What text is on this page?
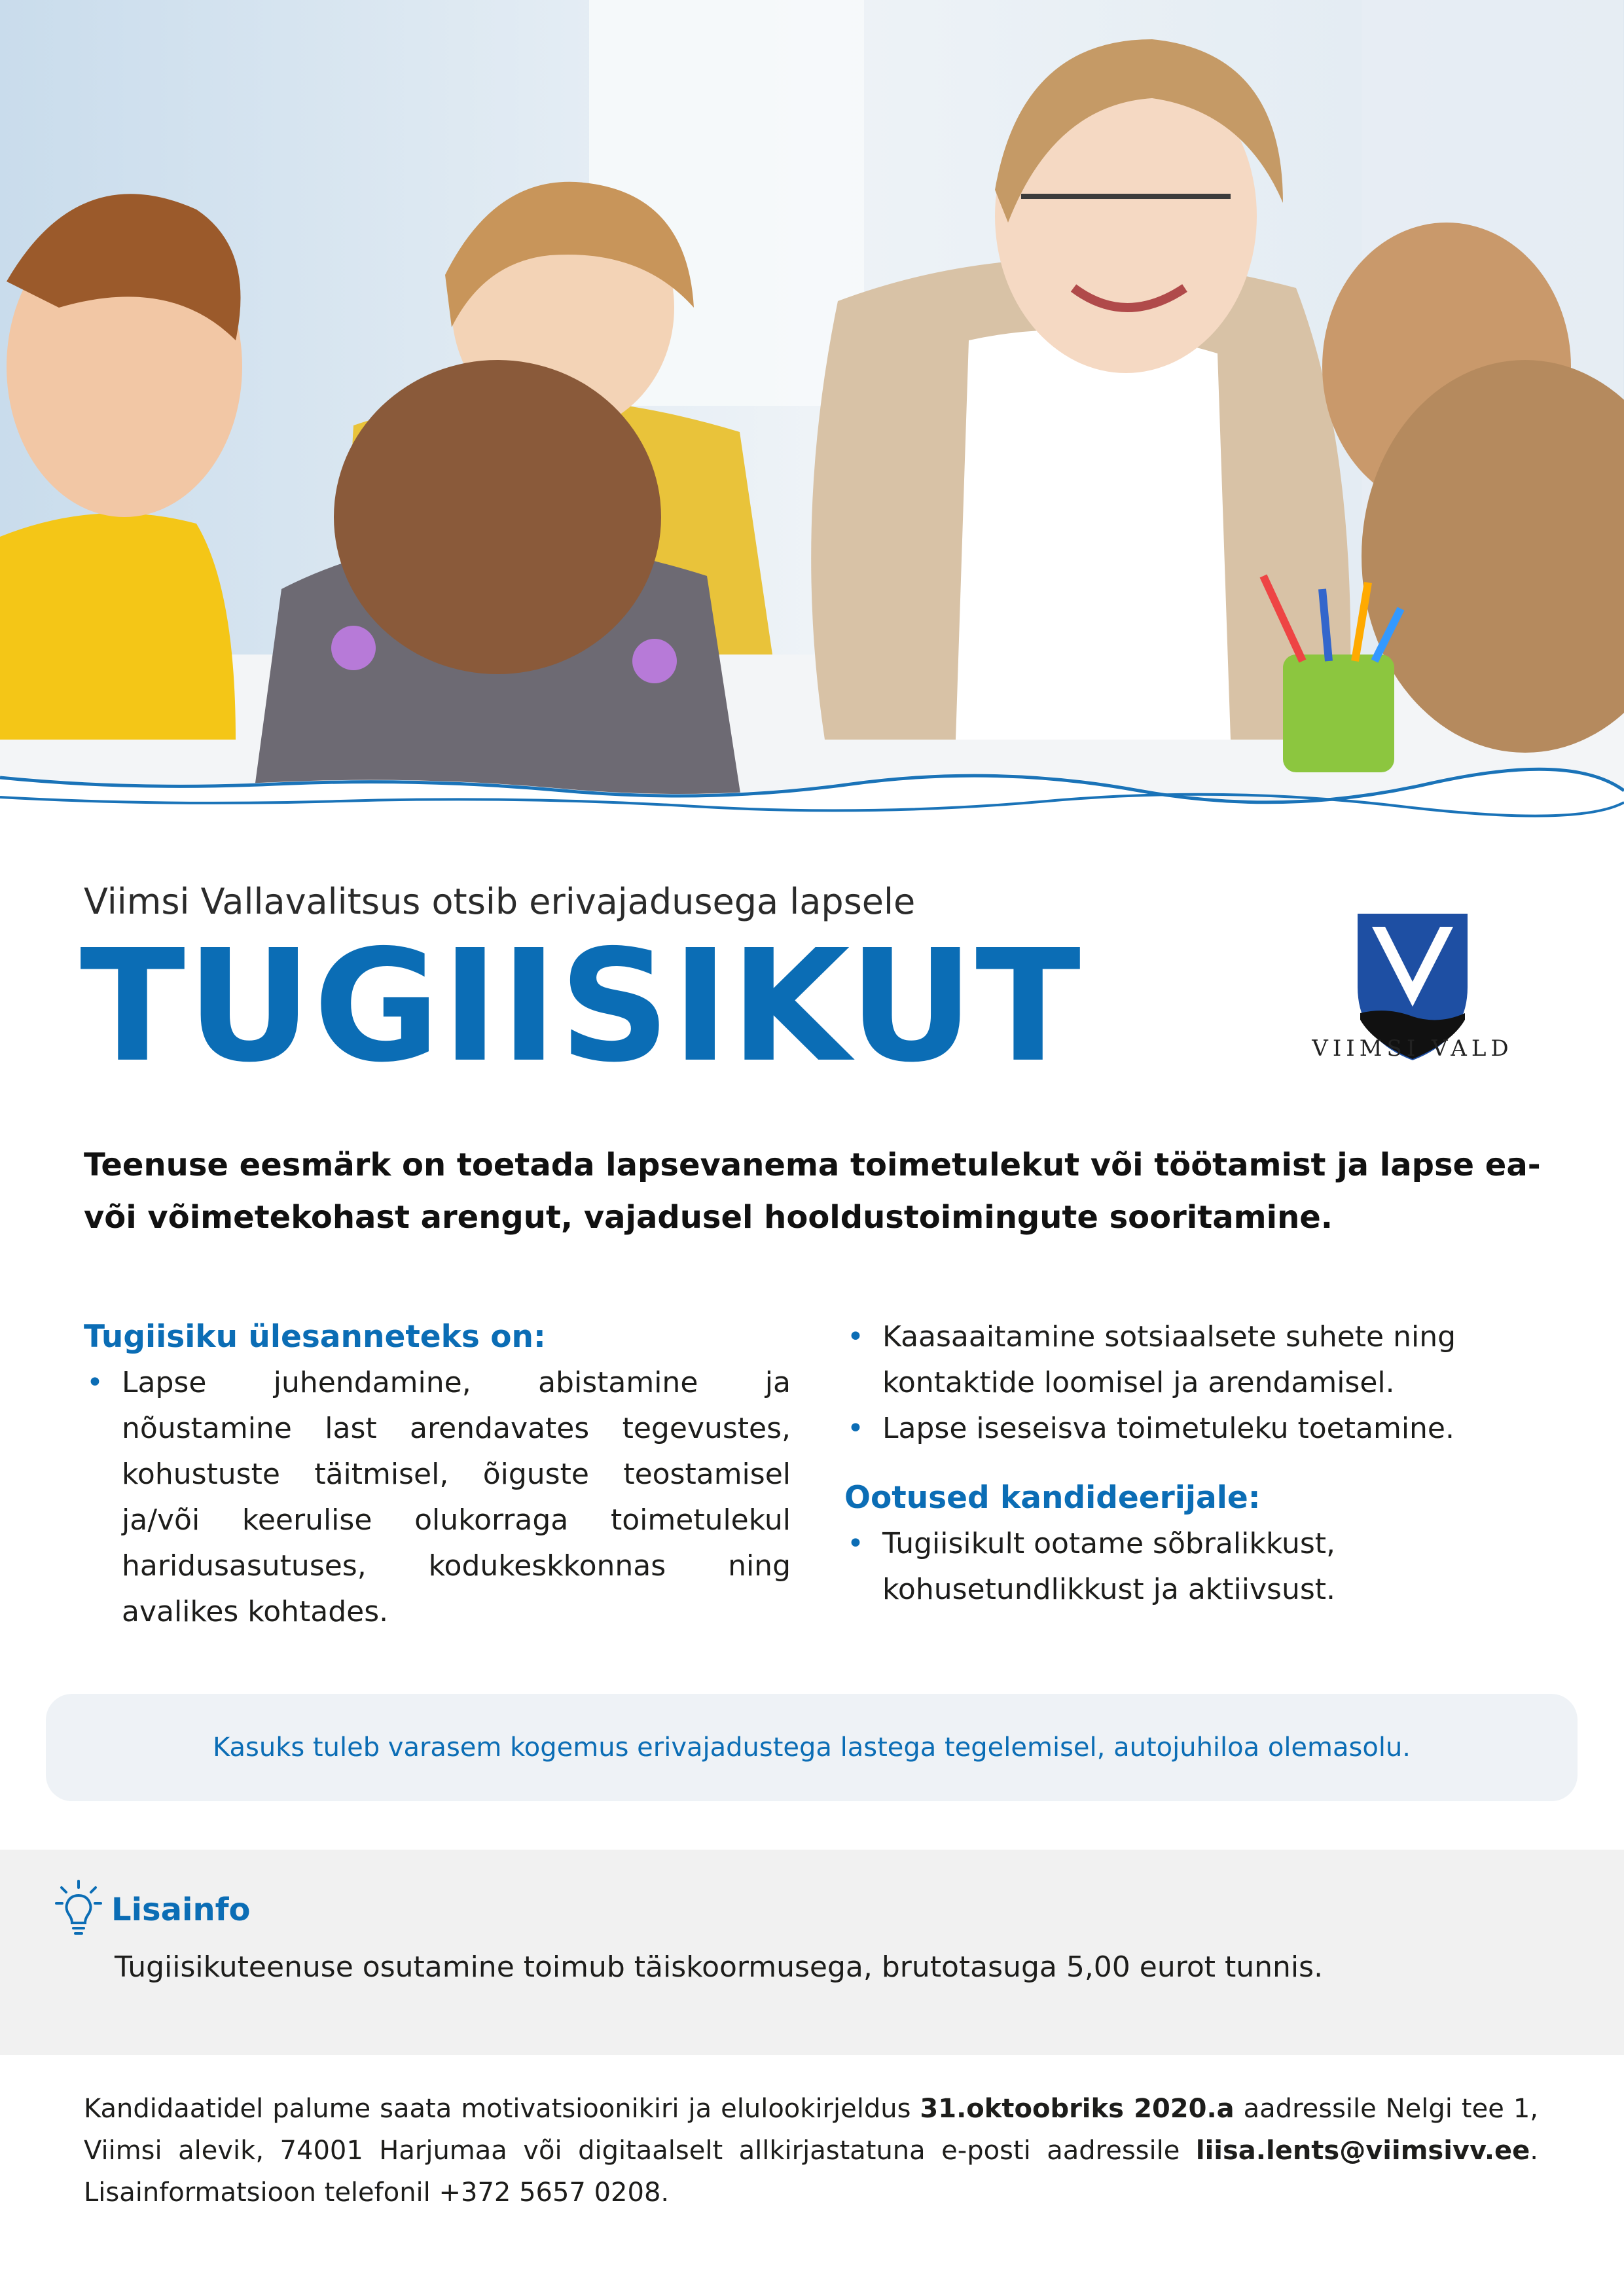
Viimsi Vallavalitsus otsib erivajadusega lapsele
TUGIISIKUT	VIIMSI VALD
Teenuse eesmärk on toetada lapsevanema toimetulekut või töötamist ja lapse ea- või võimetekohast arengut, vajadusel hooldustoimingute sooritamine.
Tugiisiku ülesanneteks on:
• Lapse juhendamine, abistamine ja nõustamine last arendavates tegevustes, kohustuste täitmisel, õiguste teostamisel ja/või keerulise olukorraga toimetulekul haridusasutuses, kodukeskkonnas ning avalikes kohtades.
• Kaasaaitamine sotsiaalsete suhete ning kontaktide loomisel ja arendamisel.
• Lapse iseseisva toimetuleku toetamine.
Ootused kandideerijale:
• Tugiisikult ootame sõbralikkust, kohusetundlikkust ja aktiivsust.
Kasuks tuleb varasem kogemus erivajadustega lastega tegelemisel, autojuhiloa olemasolu.
Lisainfo
Tugiisikuteenuse osutamine toimub täiskoormusega, brutotasuga 5,00 eurot tunnis.
Kandidaatidel palume saata motivatsioonikiri ja elulookirjeldus 31.oktoobriks 2020.a aadressile Nelgi tee 1, Viimsi alevik, 74001 Harjumaa või digitaalselt allkirjastatuna e-posti aadressile liisa.lents@viimsivv.ee. Lisainformatsioon telefonil +372 5657 0208.
